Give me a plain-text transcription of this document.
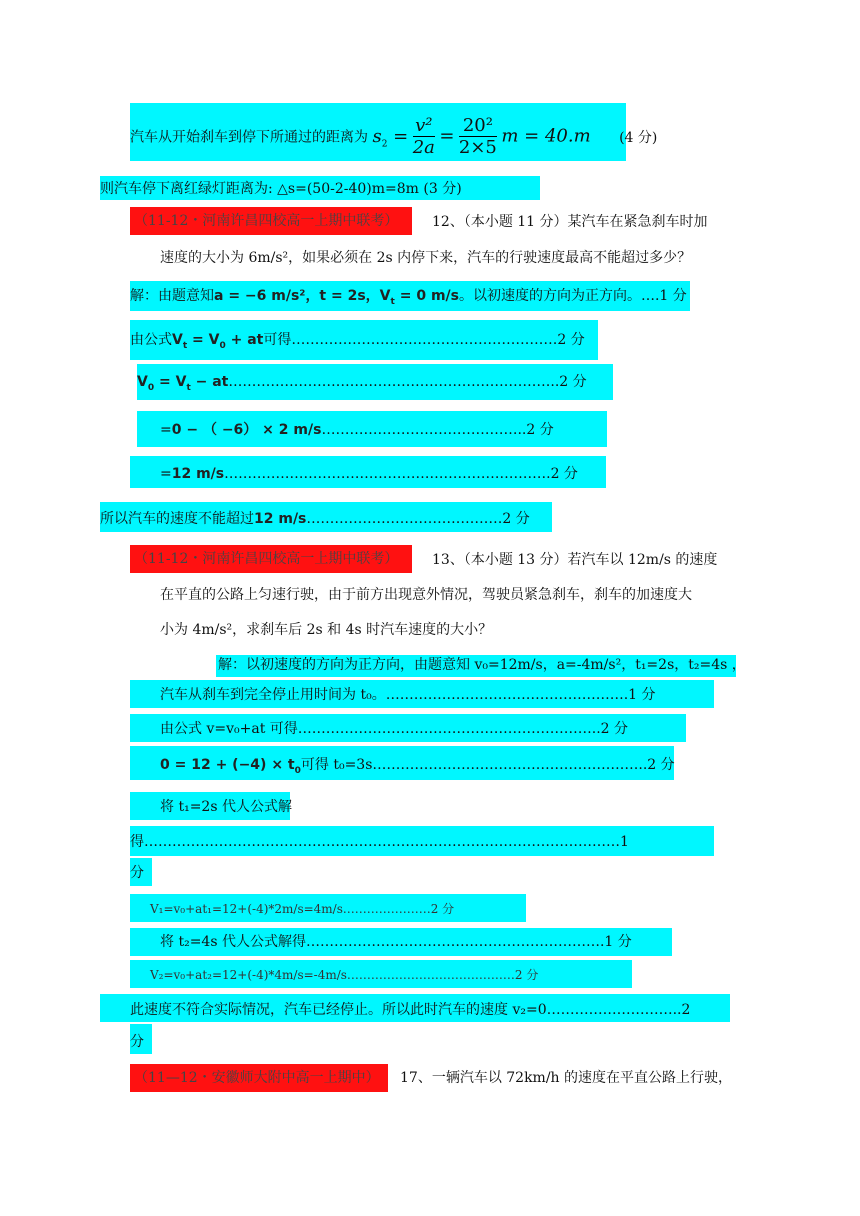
汽车从开始刹车到停下所通过的距离为 $s_2 = \frac{\text{v²}}{2a} = \frac{\text{20²}}{2\times 5}$ m = 40.m (4 分)
则汽车停下离红绿灯距离为: △s=(50-2-40)m=8m (3 分)
（11-12・河南许昌四校高一上期中联考）	12、（本小题 11 分）某汽车在紧急刹车时加
速度的大小为 6m/s²，如果必须在 2s 内停下来，汽车的行驶速度最高不能超过多少？
解：由题意知a = −6 m/s²，t = 2s，$V_t = 0$ m/s。以初速度的方向为正方向。….1 分
由公式$V_t = V_0$ + at可得…………………………………………………2 分
$V_0 = V_t$ − at……………………………………………………………..2 分
=0 − （ −6） × 2 m/s……………………………………..2 分
=12 m/s…………………………………………………………….2 分
所以汽车的速度不能超过12 m/s……………………………………2 分
（11-12・河南许昌四校高一上期中联考）	13、（本小题 13 分）若汽车以 12m/s 的速度
在平直的公路上匀速行驶，由于前方出现意外情况，驾驶员紧急刹车，刹车的加速度大
小为 4m/s²，求刹车后 2s 和 4s 时汽车速度的大小？
解：以初速度的方向为正方向，由题意知 v₀=12m/s，a=-4m/s²，t₁=2s，t₂=4s ，
汽车从刹车到完全停止用时间为 t₀。…………………………………………….1 分
由公式 v=v₀+at 可得………………………………………………………..2 分
$0 = 12 + (-4) \times t_0$可得 t₀=3s…………………………………………………..2 分
将 t₁=2s 代人公式解
得…………………………………………………………………………………………1
分
V₁=v₀+at₁=12+(-4)*2m/s=4m/s.…………………2 分
将 t₂=4s 代人公式解得……………………………………………………….1 分
V₂=v₀+at₂=12+(-4)*4m/s=-4m/s……………………………………2 分
此速度不符合实际情况，汽车已经停止。所以此时汽车的速度 v₂=0………………………..2
分
（11—12・安徽师大附中高一上期中）	17、一辆汽车以 72km/h 的速度在平直公路上行驶，
